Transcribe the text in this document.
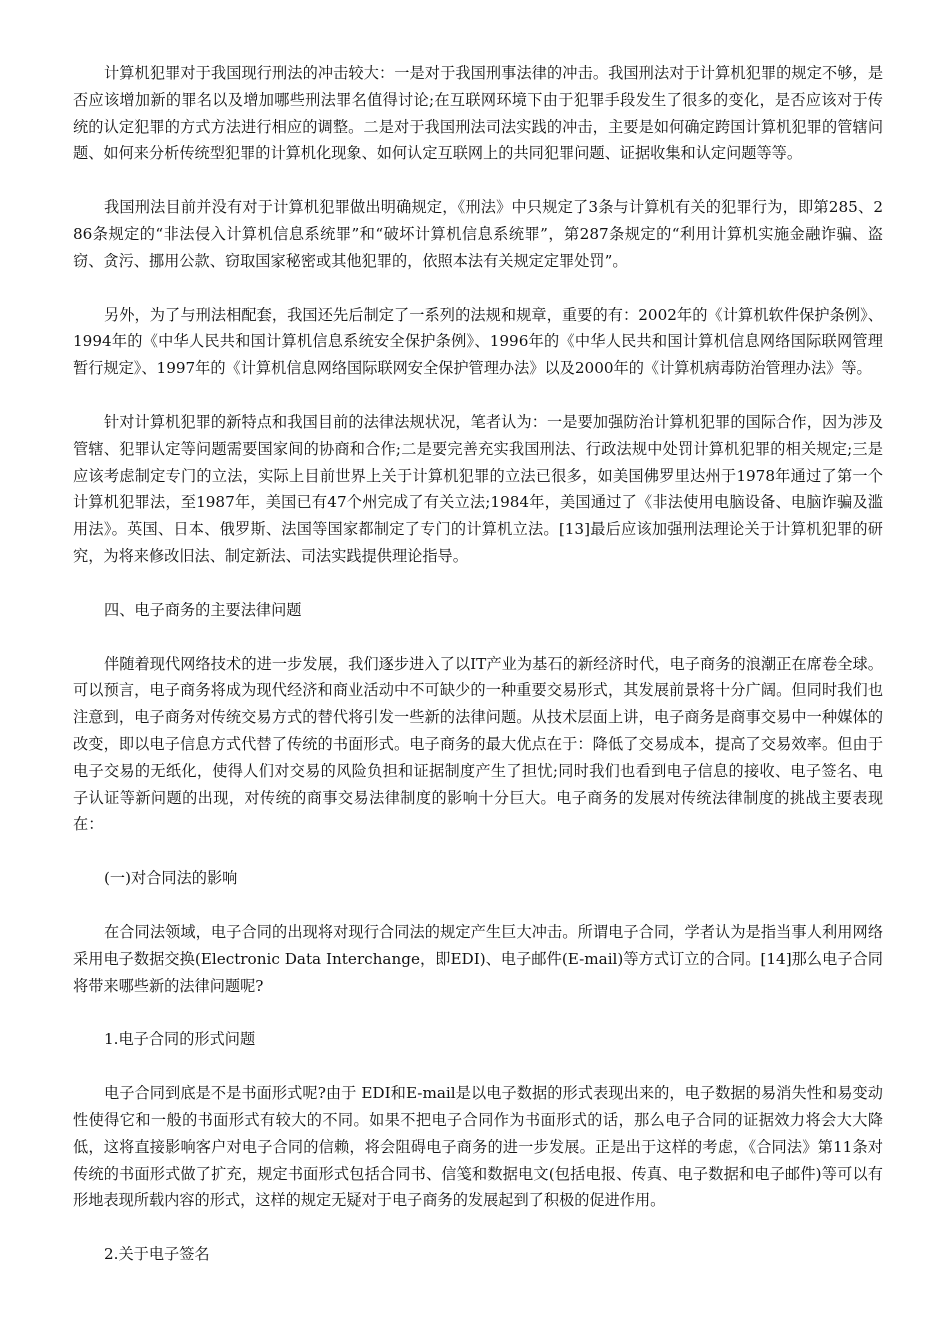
计算机犯罪对于我国现行刑法的冲击较大：一是对于我国刑事法律的冲击。我国刑法对于计算机犯罪的规定不够，是否应该增加新的罪名以及增加哪些刑法罪名值得讨论;在互联网环境下由于犯罪手段发生了很多的变化，是否应该对于传统的认定犯罪的方式方法进行相应的调整。二是对于我国刑法司法实践的冲击，主要是如何确定跨国计算机犯罪的管辖问题、如何来分析传统型犯罪的计算机化现象、如何认定互联网上的共同犯罪问题、证据收集和认定问题等等。

我国刑法目前并没有对于计算机犯罪做出明确规定，《刑法》中只规定了3条与计算机有关的犯罪行为，即第285、286条规定的“非法侵入计算机信息系统罪”和“破坏计算机信息系统罪”，第287条规定的“利用计算机实施金融诈骗、盗窃、贪污、挪用公款、窃取国家秘密或其他犯罪的，依照本法有关规定定罪处罚”。

另外，为了与刑法相配套，我国还先后制定了一系列的法规和规章，重要的有：2002年的《计算机软件保护条例》、1994年的《中华人民共和国计算机信息系统安全保护条例》、1996年的《中华人民共和国计算机信息网络国际联网管理暂行规定》、1997年的《计算机信息网络国际联网安全保护管理办法》以及2000年的《计算机病毒防治管理办法》等。

针对计算机犯罪的新特点和我国目前的法律法规状况，笔者认为：一是要加强防治计算机犯罪的国际合作，因为涉及管辖、犯罪认定等问题需要国家间的协商和合作;二是要完善充实我国刑法、行政法规中处罚计算机犯罪的相关规定;三是应该考虑制定专门的立法，实际上目前世界上关于计算机犯罪的立法已很多，如美国佛罗里达州于1978年通过了第一个计算机犯罪法，至1987年，美国已有47个州完成了有关立法;1984年，美国通过了《非法使用电脑设备、电脑诈骗及滥用法》。英国、日本、俄罗斯、法国等国家都制定了专门的计算机立法。[13]最后应该加强刑法理论关于计算机犯罪的研究，为将来修改旧法、制定新法、司法实践提供理论指导。

四、电子商务的主要法律问题

伴随着现代网络技术的进一步发展，我们逐步进入了以IT产业为基石的新经济时代，电子商务的浪潮正在席卷全球。可以预言，电子商务将成为现代经济和商业活动中不可缺少的一种重要交易形式，其发展前景将十分广阔。但同时我们也注意到，电子商务对传统交易方式的替代将引发一些新的法律问题。从技术层面上讲，电子商务是商事交易中一种媒体的改变，即以电子信息方式代替了传统的书面形式。电子商务的最大优点在于：降低了交易成本，提高了交易效率。但由于电子交易的无纸化，使得人们对交易的风险负担和证据制度产生了担忧;同时我们也看到电子信息的接收、电子签名、电子认证等新问题的出现，对传统的商事交易法律制度的影响十分巨大。电子商务的发展对传统法律制度的挑战主要表现在：

(一)对合同法的影响

在合同法领域，电子合同的出现将对现行合同法的规定产生巨大冲击。所谓电子合同，学者认为是指当事人利用网络采用电子数据交换(Electronic Data Interchange，即EDI)、电子邮件(E-mail)等方式订立的合同。[14]那么电子合同将带来哪些新的法律问题呢?

1.电子合同的形式问题

电子合同到底是不是书面形式呢?由于 EDI和E-mail是以电子数据的形式表现出来的，电子数据的易消失性和易变动性使得它和一般的书面形式有较大的不同。如果不把电子合同作为书面形式的话，那么电子合同的证据效力将会大大降低，这将直接影响客户对电子合同的信赖，将会阻碍电子商务的进一步发展。正是出于这样的考虑，《合同法》第11条对传统的书面形式做了扩充，规定书面形式包括合同书、信笺和数据电文(包括电报、传真、电子数据和电子邮件)等可以有形地表现所载内容的形式，这样的规定无疑对于电子商务的发展起到了积极的促进作用。

2.关于电子签名
